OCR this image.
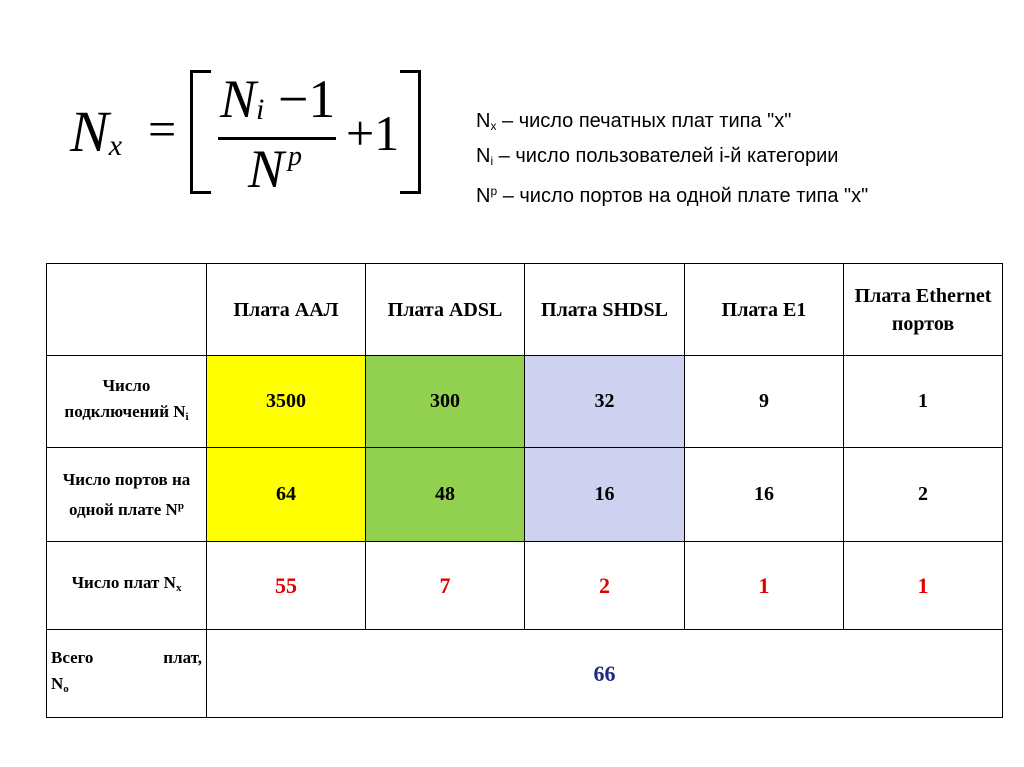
$N_x = N_i -1$
N $^p$ +1	$N_x$ – число печатных плат типа "x"
$N_i$ – число пользователей i-й категории
$N^p$ – число портов на одной плате типа "x"
	Плата ААЛ	Плата ADSL	Плата SHDSL	Плата Е1	Плата Ethernet портов
Число подключений $N_i$	3500	300	32	9	1
Число портов на одной плате $N^p$	64	48	16	16	2
Число плат $N_x$	55	7	2	1	1

Всего плат,
$N_o$	66				
